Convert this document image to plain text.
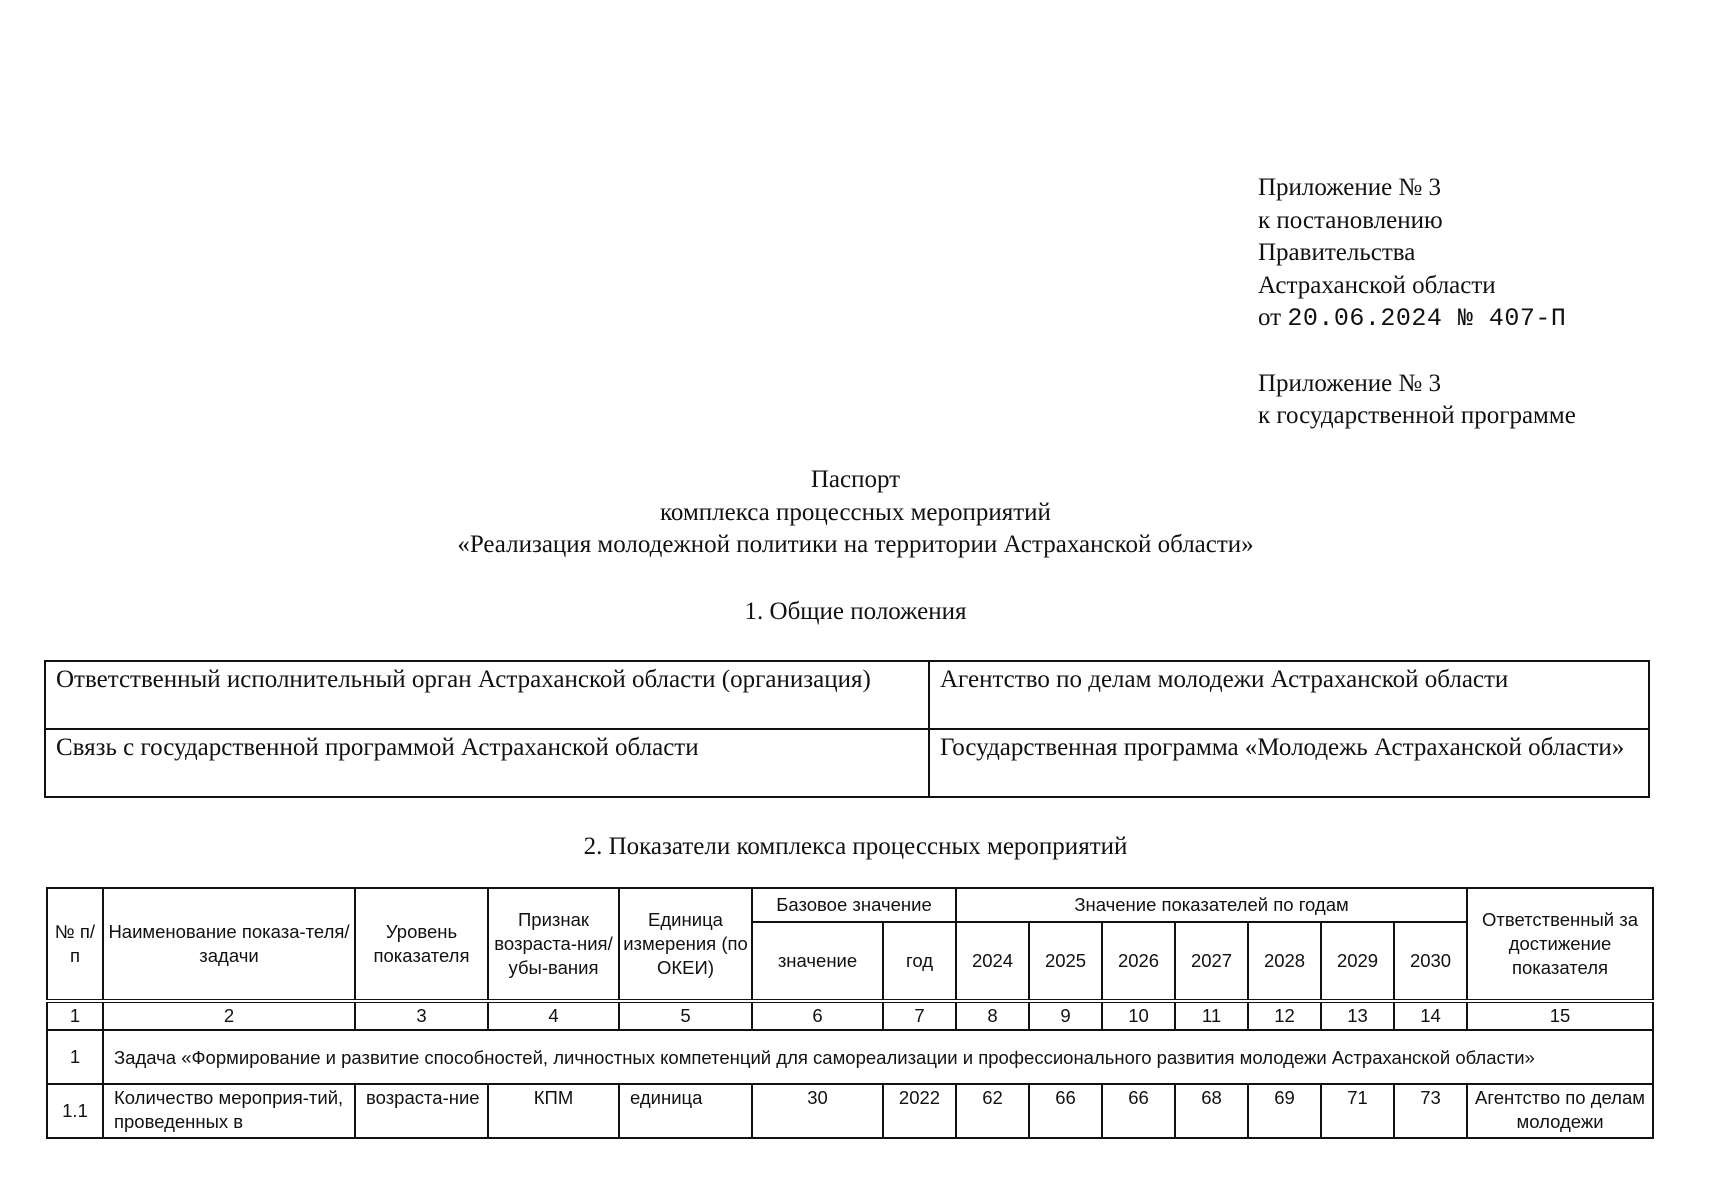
Приложение № 3
к постановлению
Правительства
Астраханской области
от 20.06.2024 № 407-П
Приложение № 3
к государственной программе
Паспорт
комплекса процессных мероприятий
«Реализация молодежной политики на территории Астраханской области»
1. Общие положения
Ответственный исполнительный орган Астраханской области (организация)	Агентство по делам молодежи Астраханской области
Связь с государственной программой Астраханской области	Государственная программа «Молодежь Астраханской области»
2. Показатели комплекса процессных мероприятий
№ п/п	Наименование показа-теля/задачи	Уровень показателя	Признак возраста-ния/ убы-вания	Единица измерения (по ОКЕИ)	Базовое значение		Значение показателей по годам							Ответственный за достижение показателя
					значение	год	2024	2025	2026	2027	2028	2029	2030	
1	2	3	4	5	6	7	8	9	10	11	12	13	14	15
1	Задача «Формирование и развитие способностей, личностных компетенций для самореализации и профессионального развития молодежи Астраханской области»													
1.1	Количество мероприя-тий, проведенных в	возраста-ние	КПМ	единица	30	2022	62	66	66	68	69	71	73	Агентство по делам молодежи
